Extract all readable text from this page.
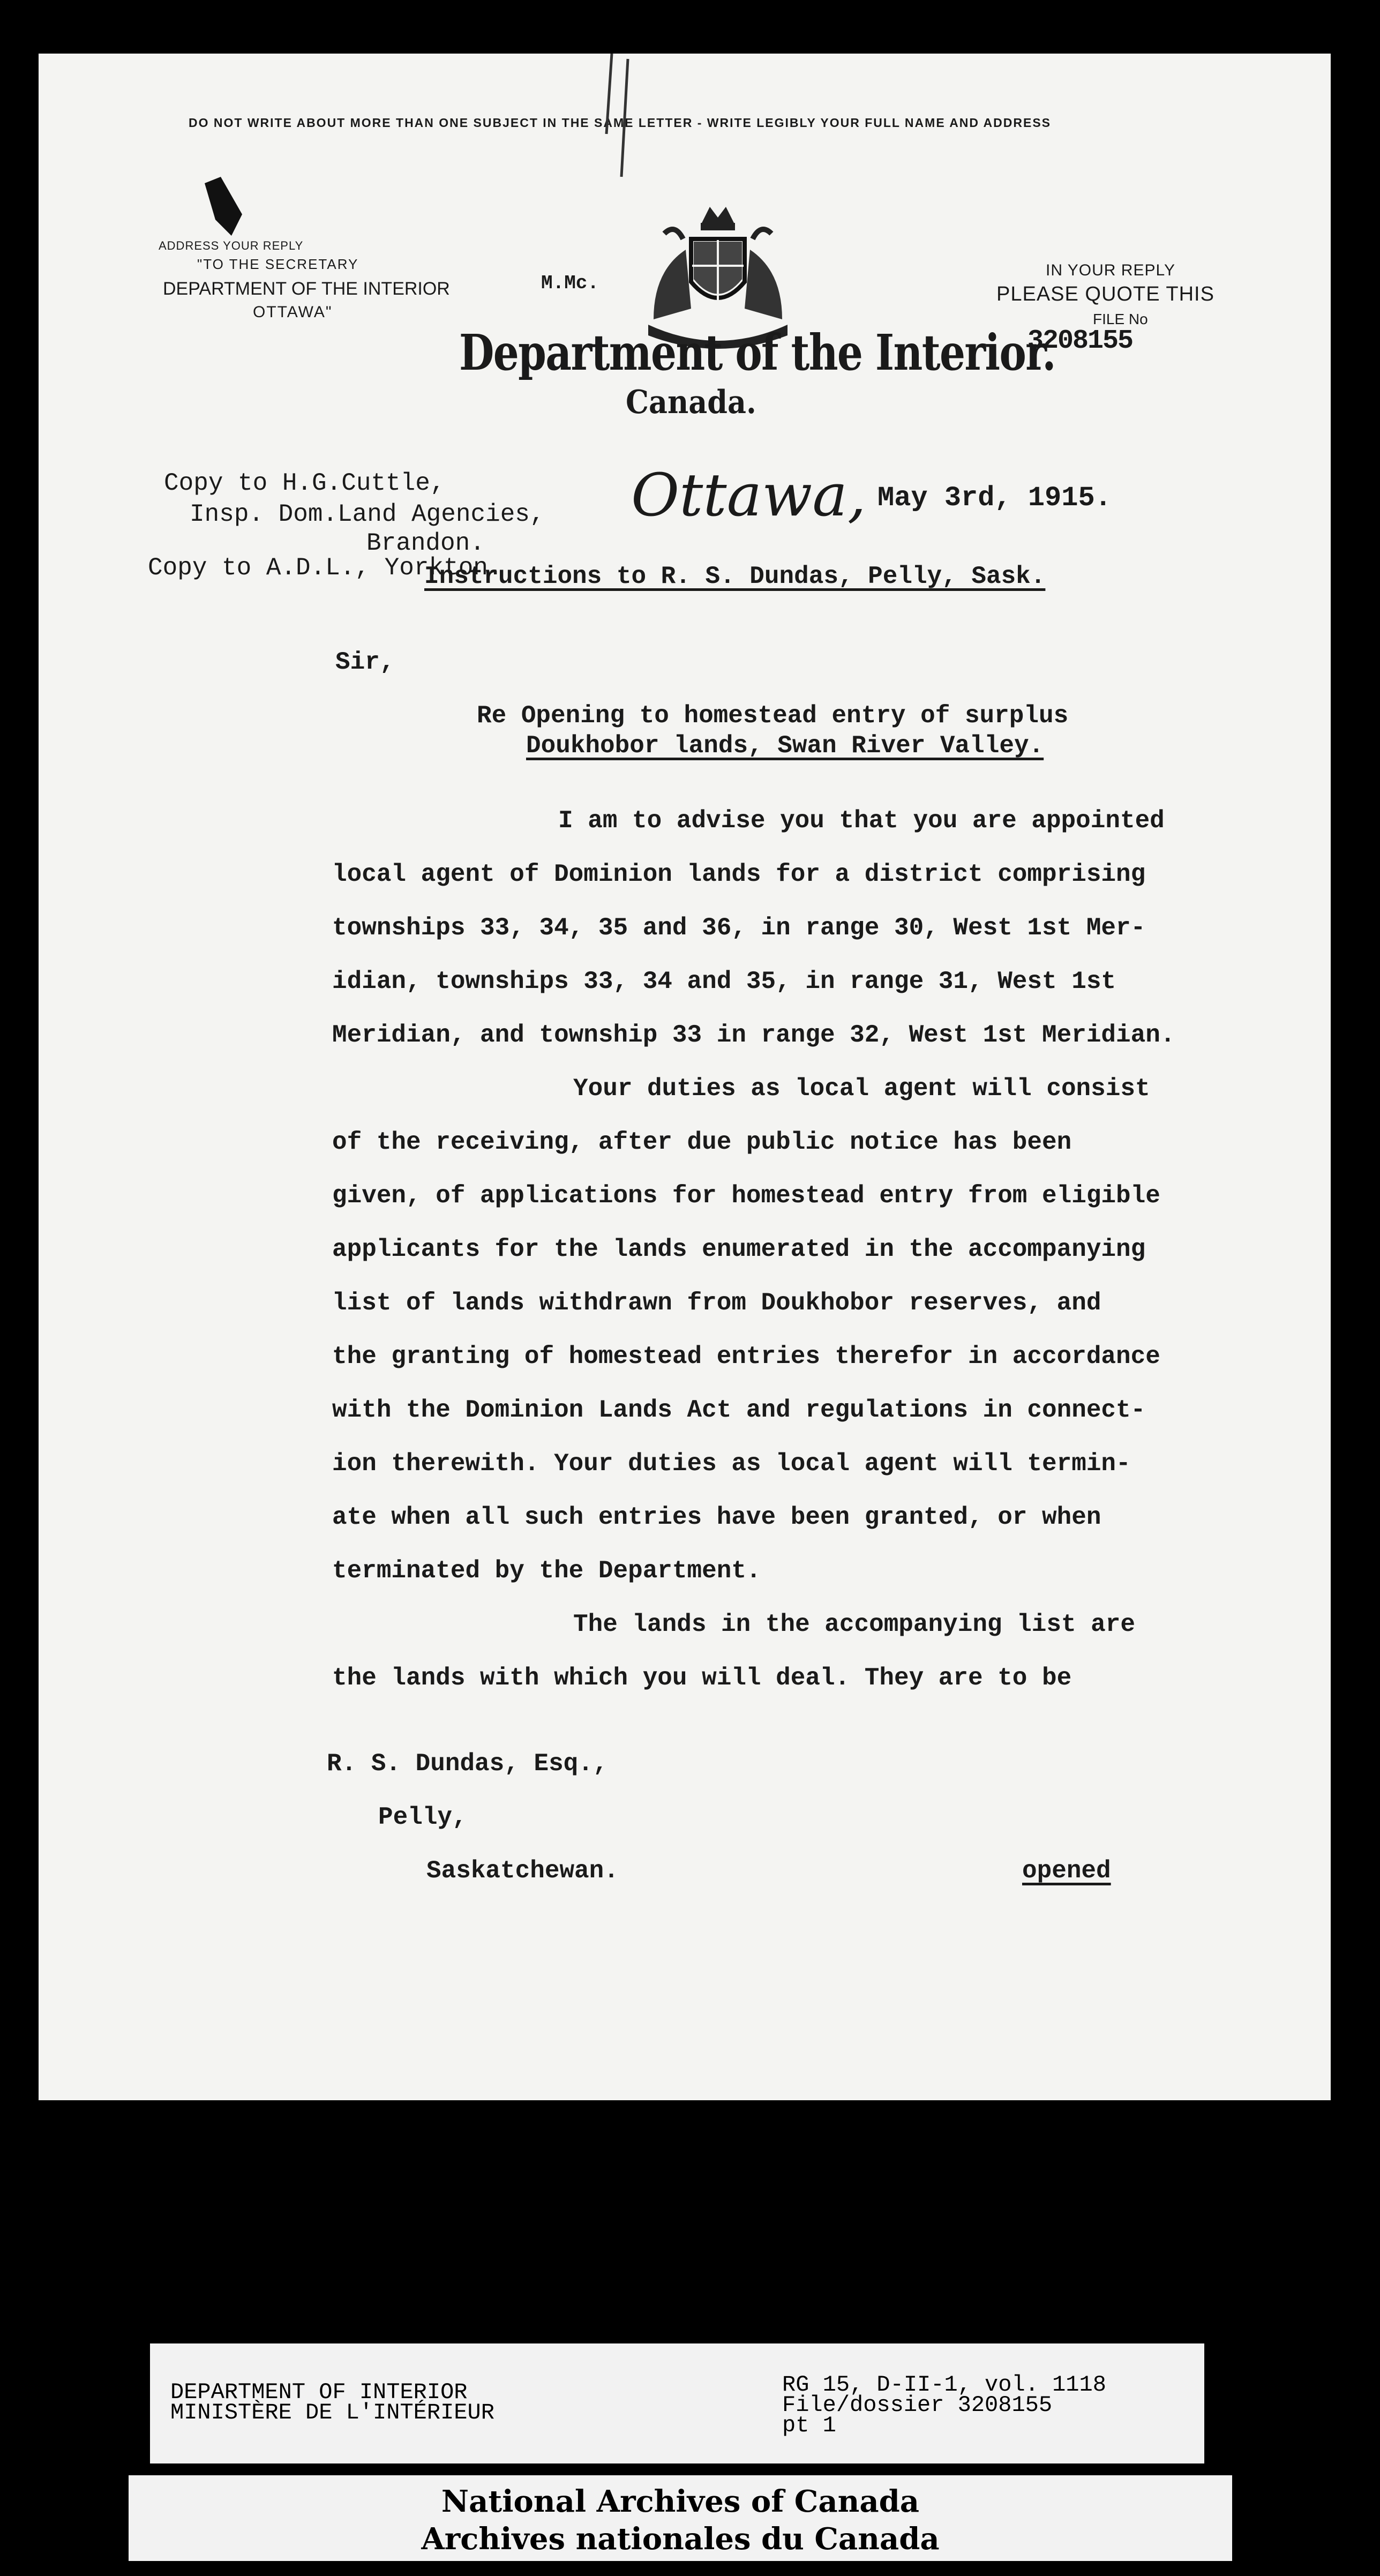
DO NOT WRITE ABOUT MORE THAN ONE SUBJECT IN THE SAME LETTER - WRITE LEGIBLY YOUR FULL NAME AND ADDRESS
ADDRESS YOUR REPLY
"TO THE SECRETARY
DEPARTMENT OF THE INTERIOR
OTTAWA"
M.Mc.
Department of the Interior.
Canada.
IN YOUR REPLY
PLEASE QUOTE THIS
FILE No
3208155
Copy to H.G.Cuttle,
Insp. Dom.Land Agencies,
Brandon.
Copy to A.D.L., Yorkton.
Ottawa, May 3rd, 1915.
Instructions to R. S. Dundas, Pelly, Sask.
Sir,
Re Opening to homestead entry of surplus
Doukhobor lands, Swan River Valley.
I am to advise you that you are appointed
local agent of Dominion lands for a district comprising
townships 33, 34, 35 and 36, in range 30, West 1st Mer-
idian, townships 33, 34 and 35, in range 31, West 1st
Meridian, and township 33 in range 32, West 1st Meridian.
Your duties as local agent will consist
of the receiving, after due public notice has been
given, of applications for homestead entry from eligible
applicants for the lands enumerated in the accompanying
list of lands withdrawn from Doukhobor reserves, and
the granting of homestead entries therefor in accordance
with the Dominion Lands Act and regulations in connect-
ion therewith. Your duties as local agent will termin-
ate when all such entries have been granted, or when
terminated by the Department.
The lands in the accompanying list are
the lands with which you will deal. They are to be
R. S. Dundas, Esq.,
Pelly,
Saskatchewan.	opened
DEPARTMENT OF INTERIOR
MINISTÈRE DE L'INTÉRIEUR
RG 15, D-II-1, vol. 1118
File/dossier 3208155
pt 1
National Archives of Canada
Archives nationales du Canada
